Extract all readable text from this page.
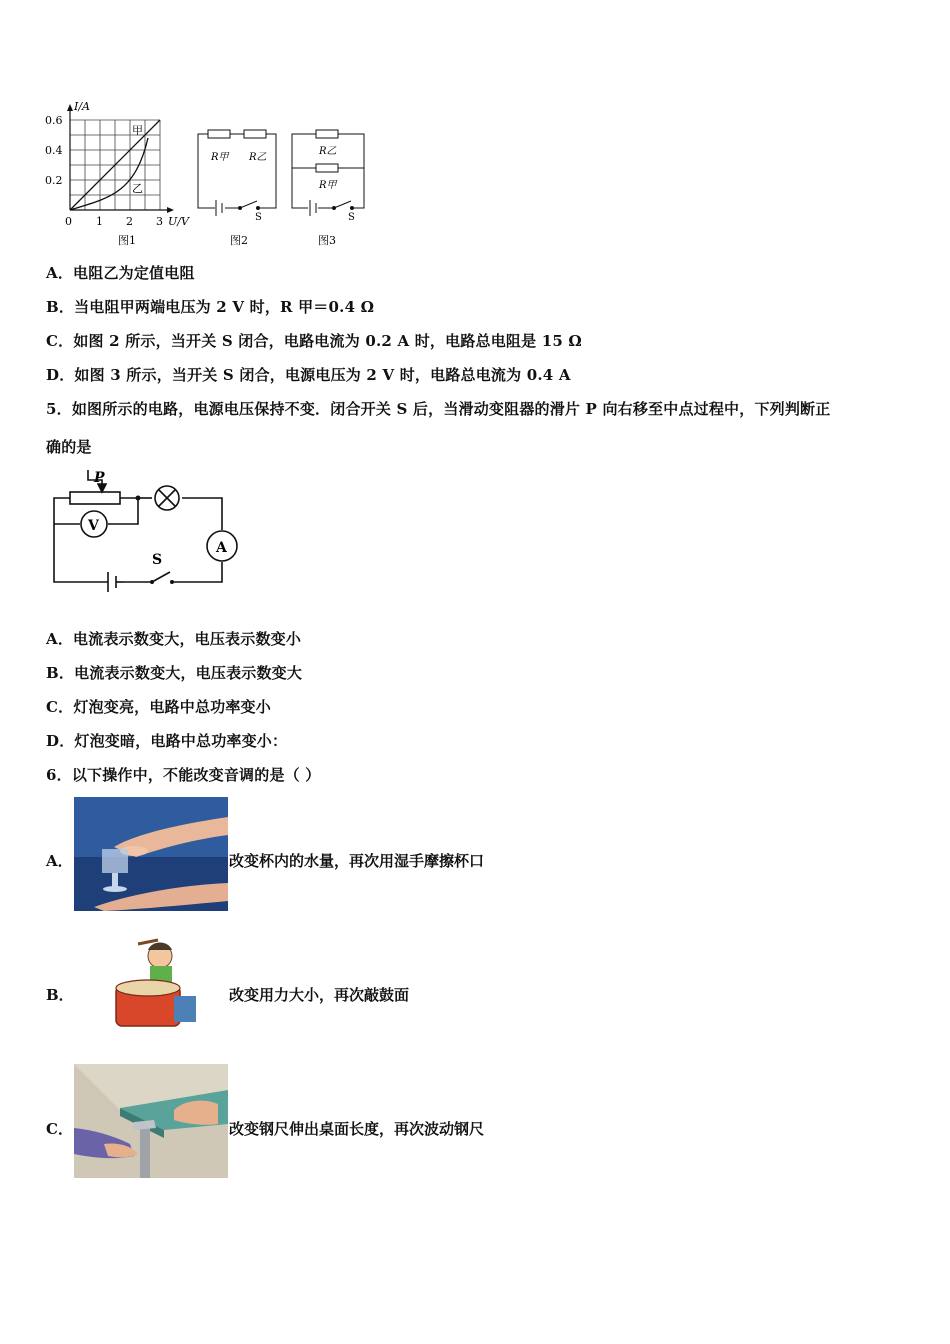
I/A
U/V
0.6
0.4
0.2
0 1 2 3
甲
乙
图1
R甲 R乙
S
图2
R乙
R甲
S
图3
A．电阻乙为定值电阻
B．当电阻甲两端电压为 2 V 时，R 甲＝0.4 Ω
C．如图 2 所示，当开关 S 闭合，电路电流为 0.2 A 时，电路总电阻是 15 Ω
D．如图 3 所示，当开关 S 闭合，电源电压为 2 V 时，电路总电流为 0.4 A
5．如图所示的电路，电源电压保持不变．闭合开关 S 后，当滑动变阻器的滑片 P 向右移至中点过程中，下列判断正
确的是
P
V
A
S
A．电流表示数变大，电压表示数变小
B．电流表示数变大，电压表示数变大
C．灯泡变亮，电路中总功率变小
D．灯泡变暗，电路中总功率变小：
6．以下操作中，不能改变音调的是（ ）
A．	改变杯内的水量，再次用湿手摩擦杯口
B．	改变用力大小，再次敲鼓面
C．	改变钢尺伸出桌面长度，再次波动钢尺
